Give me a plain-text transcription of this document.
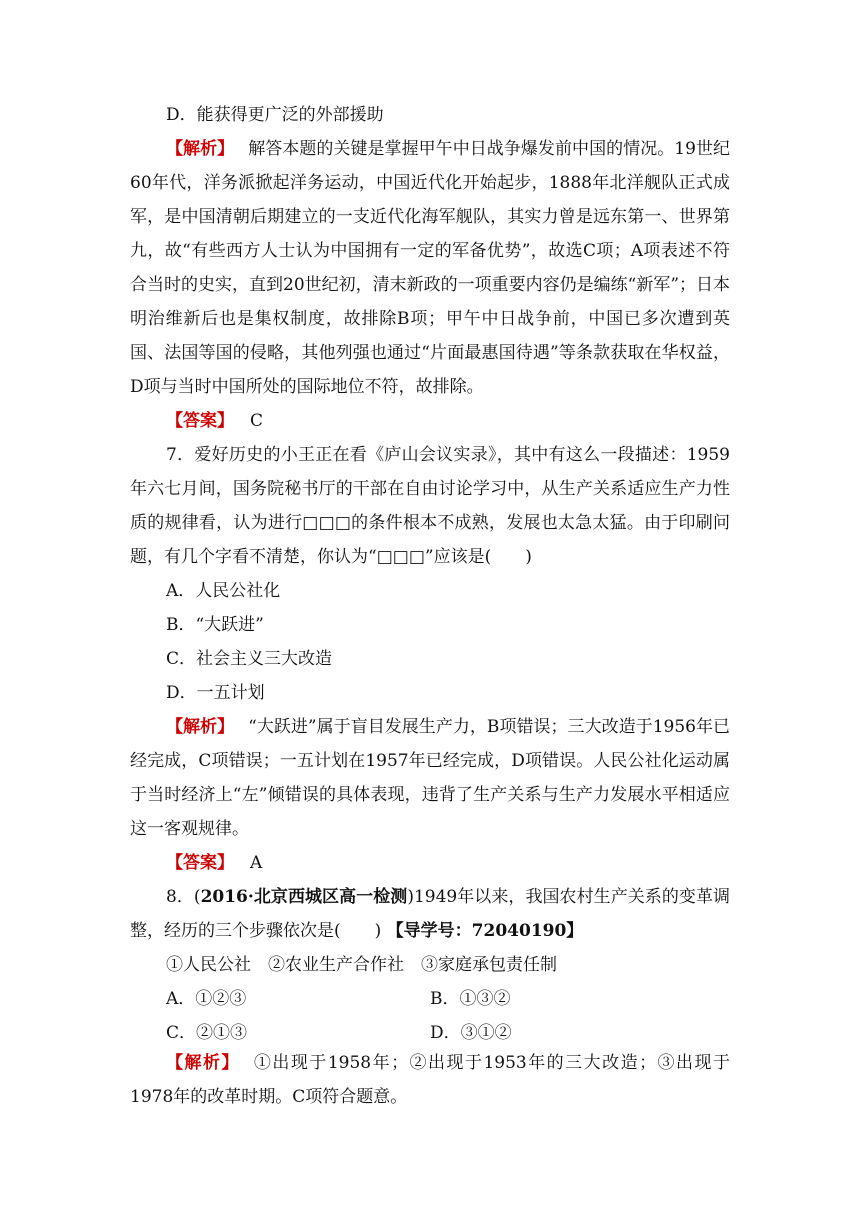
D．能获得更广泛的外部援助
【解析】 解答本题的关键是掌握甲午中日战争爆发前中国的情况。19世纪60年代，洋务派掀起洋务运动，中国近代化开始起步，1888年北洋舰队正式成军，是中国清朝后期建立的一支近代化海军舰队，其实力曾是远东第一、世界第九，故“有些西方人士认为中国拥有一定的军备优势”，故选C项；A项表述不符合当时的史实，直到20世纪初，清末新政的一项重要内容仍是编练“新军”；日本明治维新后也是集权制度，故排除B项；甲午中日战争前，中国已多次遭到英国、法国等国的侵略，其他列强也通过“片面最惠国待遇”等条款获取在华权益，D项与当时中国所处的国际地位不符，故排除。
【答案】 C
7．爱好历史的小王正在看《庐山会议实录》，其中有这么一段描述：1959年六七月间，国务院秘书厅的干部在自由讨论学习中，从生产关系适应生产力性质的规律看，认为进行□□□的条件根本不成熟，发展也太急太猛。由于印刷问题，有几个字看不清楚，你认为“□□□”应该是(　　)
A．人民公社化
B．“大跃进”
C．社会主义三大改造
D．一五计划
【解析】 “大跃进”属于盲目发展生产力，B项错误；三大改造于1956年已经完成，C项错误；一五计划在1957年已经完成，D项错误。人民公社化运动属于当时经济上“左”倾错误的具体表现，违背了生产关系与生产力发展水平相适应这一客观规律。
【答案】 A
8．(2016·北京西城区高一检测)1949年以来，我国农村生产关系的变革调整，经历的三个步骤依次是(　　) 【导学号：72040190】
①人民公社　②农业生产合作社　③家庭承包责任制
A．①②③	B．①③②
C．②①③	D．③①②
【解析】 ①出现于1958年；②出现于1953年的三大改造；③出现于1978年的改革时期。C项符合题意。
